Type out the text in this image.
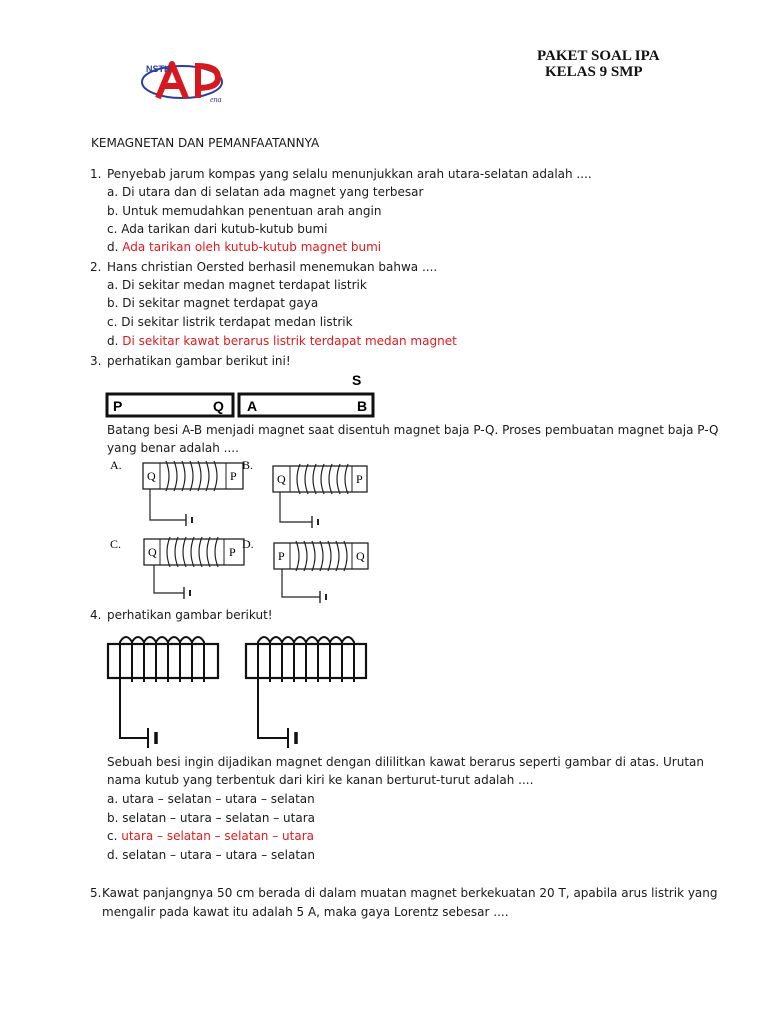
PAKET SOAL IPA
KELAS 9 SMP
NSTH
ena
KEMAGNETAN DAN PEMANFAATANNYA
1. Penyebab jarum kompas yang selalu menunjukkan arah utara-selatan adalah ....
a. Di utara dan di selatan ada magnet yang terbesar
b. Untuk memudahkan penentuan arah angin
c. Ada tarikan dari kutub-kutub bumi
d. Ada tarikan oleh kutub-kutub magnet bumi
2. Hans christian Oersted berhasil menemukan bahwa ....
a. Di sekitar medan magnet terdapat listrik
b. Di sekitar magnet terdapat gaya
c. Di sekitar listrik terdapat medan listrik
d. Di sekitar kawat berarus listrik terdapat medan magnet
3. perhatikan gambar berikut ini!
P	Q A	B
S
Batang besi A-B menjadi magnet saat disentuh magnet baja P-Q. Proses pembuatan magnet baja P-Q
yang benar adalah ....
A.
Q	P
B.
Q	P
C.
Q	P
D.
P	Q
4. perhatikan gambar berikut!
Sebuah besi ingin dijadikan magnet dengan dililitkan kawat berarus seperti gambar di atas. Urutan
nama kutub yang terbentuk dari kiri ke kanan berturut-turut adalah ....
a. utara – selatan – utara – selatan
b. selatan – utara – selatan – utara
c. utara – selatan – selatan – utara
d. selatan – utara – utara – selatan
5. Kawat panjangnya 50 cm berada di dalam muatan magnet berkekuatan 20 T, apabila arus listrik yang
mengalir pada kawat itu adalah 5 A, maka gaya Lorentz sebesar ....
